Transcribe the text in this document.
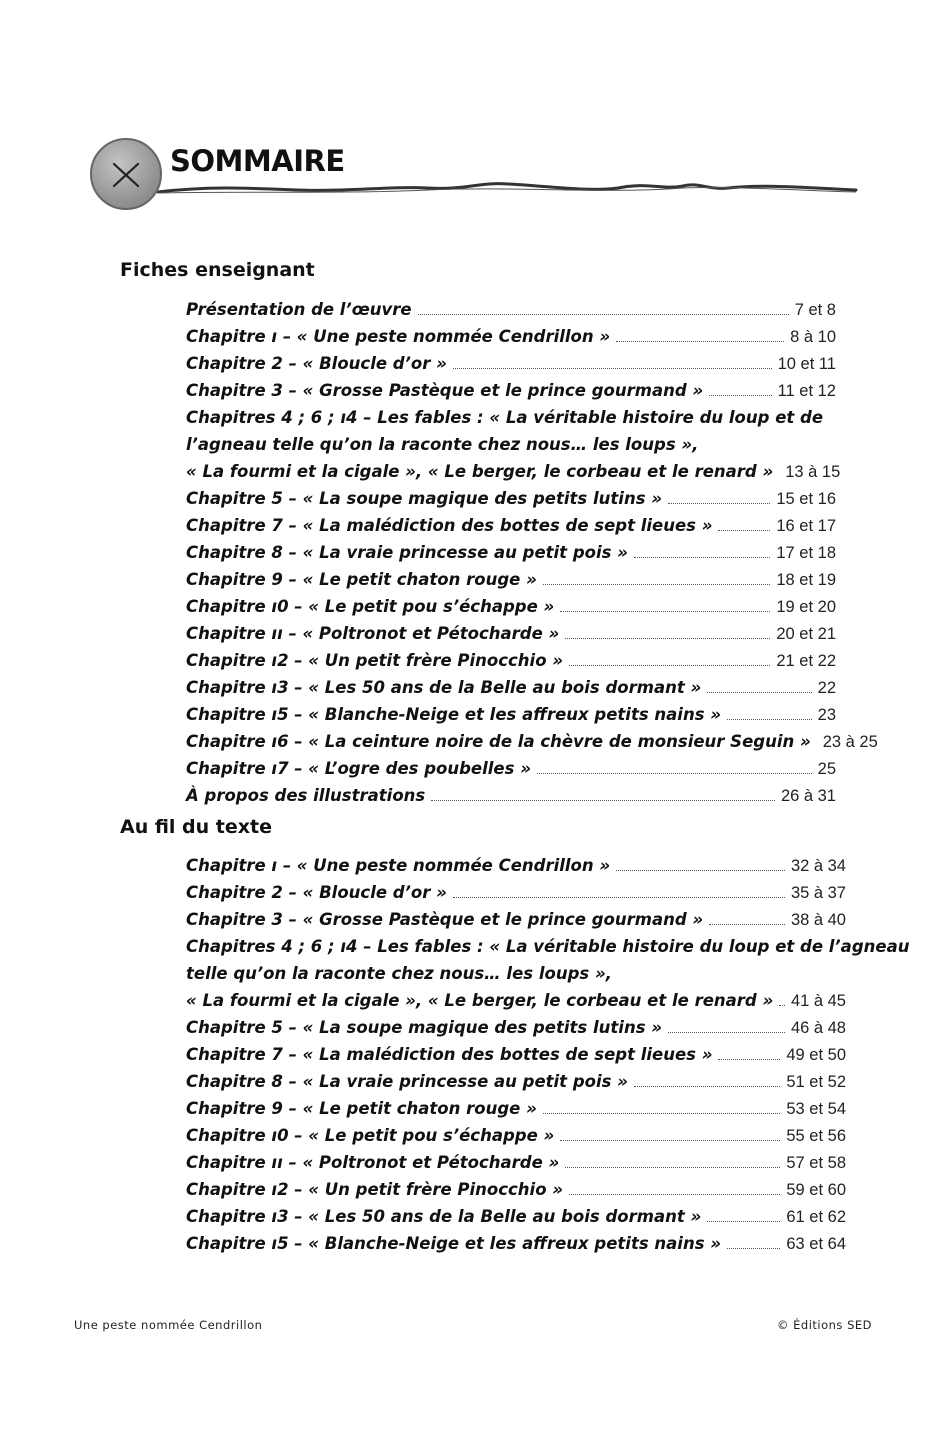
SOMMAIRE
Fiches enseignant
Présentation de l’œuvre	7 et 8
Chapitre ı – « Une peste nommée Cendrillon »	8 à 10
Chapitre 2 – « Bloucle d’or »	10 et 11
Chapitre 3 – « Grosse Pastèque et le prince gourmand »	11 et 12
Chapitres 4 ; 6 ; ı4 – Les fables : « La véritable histoire du loup et de
l’agneau telle qu’on la raconte chez nous… les loups »,
« La fourmi et la cigale », « Le berger, le corbeau et le renard » 13 à 15
Chapitre 5 – « La soupe magique des petits lutins »	15 et 16
Chapitre 7 – « La malédiction des bottes de sept lieues »	16 et 17
Chapitre 8 – « La vraie princesse au petit pois »	17 et 18
Chapitre 9 – « Le petit chaton rouge »	18 et 19
Chapitre ı0 – « Le petit pou s’échappe »	19 et 20
Chapitre ıı – « Poltronot et Pétocharde »	20 et 21
Chapitre ı2 – « Un petit frère Pinocchio »	21 et 22
Chapitre ı3 – « Les 50 ans de la Belle au bois dormant »	22
Chapitre ı5 – « Blanche-Neige et les affreux petits nains »	23
Chapitre ı6 – « La ceinture noire de la chèvre de monsieur Seguin » 23 à 25
Chapitre ı7 – « L’ogre des poubelles »	25
À propos des illustrations	26 à 31
Au fil du texte
Chapitre ı – « Une peste nommée Cendrillon »	32 à 34
Chapitre 2 – « Bloucle d’or »	35 à 37
Chapitre 3 – « Grosse Pastèque et le prince gourmand »	38 à 40
Chapitres 4 ; 6 ; ı4 – Les fables : « La véritable histoire du loup et de l’agneau
telle qu’on la raconte chez nous… les loups »,
« La fourmi et la cigale », « Le berger, le corbeau et le renard » 41 à 45
Chapitre 5 – « La soupe magique des petits lutins »	46 à 48
Chapitre 7 – « La malédiction des bottes de sept lieues »	49 et 50
Chapitre 8 – « La vraie princesse au petit pois »	51 et 52
Chapitre 9 – « Le petit chaton rouge »	53 et 54
Chapitre ı0 – « Le petit pou s’échappe »	55 et 56
Chapitre ıı – « Poltronot et Pétocharde »	57 et 58
Chapitre ı2 – « Un petit frère Pinocchio »	59 et 60
Chapitre ı3 – « Les 50 ans de la Belle au bois dormant »	61 et 62
Chapitre ı5 – « Blanche-Neige et les affreux petits nains »	63 et 64
Une peste nommée Cendrillon	© Éditions SED
